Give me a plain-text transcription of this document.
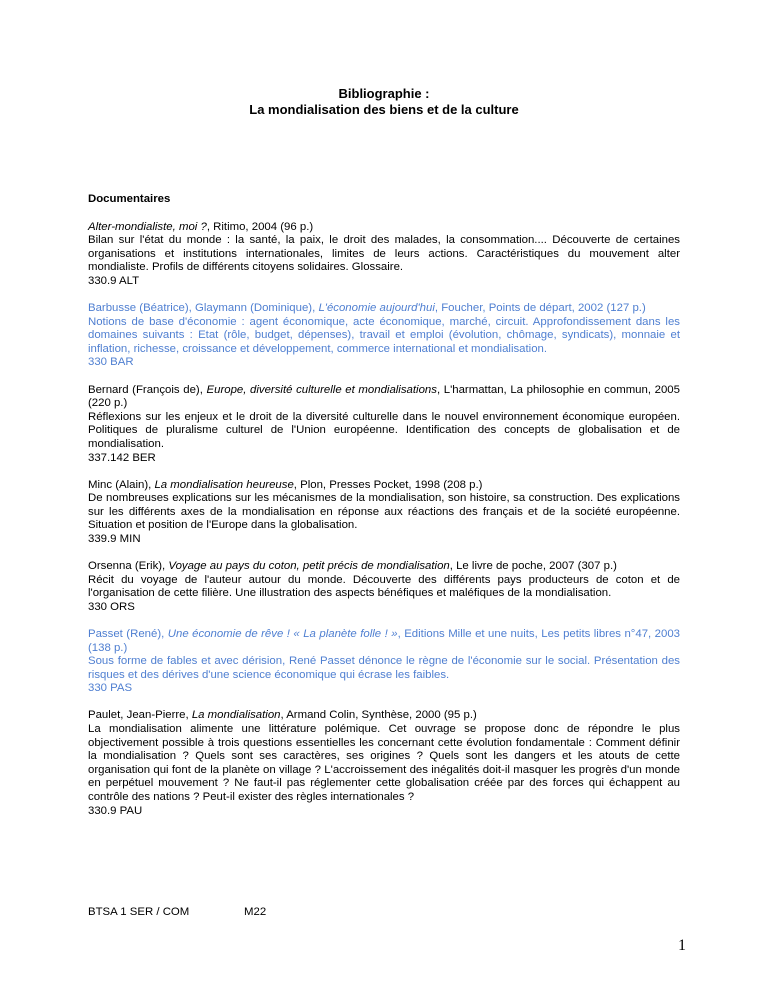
Bibliographie :
La mondialisation des biens et de la culture
Documentaires

Alter-mondialiste, moi ?, Ritimo, 2004 (96 p.)

Bilan sur l'état du monde : la santé, la paix, le droit des malades, la consommation.... Découverte de certaines organisations et institutions internationales, limites de leurs actions. Caractéristiques du mouvement alter mondialiste. Profils de différents citoyens solidaires. Glossaire.

330.9 ALT

Barbusse (Béatrice), Glaymann (Dominique), L'économie aujourd'hui, Foucher, Points de départ, 2002 (127 p.)

Notions de base d'économie : agent économique, acte économique, marché, circuit. Approfondissement dans les domaines suivants : Etat (rôle, budget, dépenses), travail et emploi (évolution, chômage, syndicats), monnaie et inflation, richesse, croissance et développement, commerce international et mondialisation.

330 BAR

Bernard (François de), Europe, diversité culturelle et mondialisations, L'harmattan, La philosophie en commun, 2005 (220 p.)

Réflexions sur les enjeux et le droit de la diversité culturelle dans le nouvel environnement économique européen. Politiques de pluralisme culturel de l'Union européenne. Identification des concepts de globalisation et de mondialisation.

337.142 BER

Minc (Alain), La mondialisation heureuse, Plon, Presses Pocket, 1998 (208 p.)

De nombreuses explications sur les mécanismes de la mondialisation, son histoire, sa construction. Des explications sur les différents axes de la mondialisation en réponse aux réactions des français et de la société européenne. Situation et position de l'Europe dans la globalisation.

339.9 MIN

Orsenna (Erik), Voyage au pays du coton, petit précis de mondialisation, Le livre de poche, 2007 (307 p.)

Récit du voyage de l'auteur autour du monde. Découverte des différents pays producteurs de coton et de l'organisation de cette filière. Une illustration des aspects bénéfiques et maléfiques de la mondialisation.

330 ORS

Passet (René), Une économie de rêve ! « La planète folle ! », Editions Mille et une nuits, Les petits libres n°47, 2003 (138 p.)

Sous forme de fables et avec dérision, René Passet dénonce le règne de l'économie sur le social. Présentation des risques et des dérives d'une science économique qui écrase les faibles.

330 PAS

Paulet, Jean-Pierre, La mondialisation, Armand Colin, Synthèse, 2000 (95 p.)

La mondialisation alimente une littérature polémique. Cet ouvrage se propose donc de répondre le plus objectivement possible à trois questions essentielles les concernant cette évolution fondamentale : Comment définir la mondialisation ? Quels sont ses caractères, ses origines ? Quels sont les dangers et les atouts de cette organisation qui font de la planète on village ? L'accroissement des inégalités doit-il masquer les progrès d'un monde en perpétuel mouvement ? Ne faut-il pas réglementer cette globalisation créée par des forces qui échappent au contrôle des nations ? Peut-il exister des règles internationales ?

330.9 PAU

BTSA 1 SER / COM	M22
1
